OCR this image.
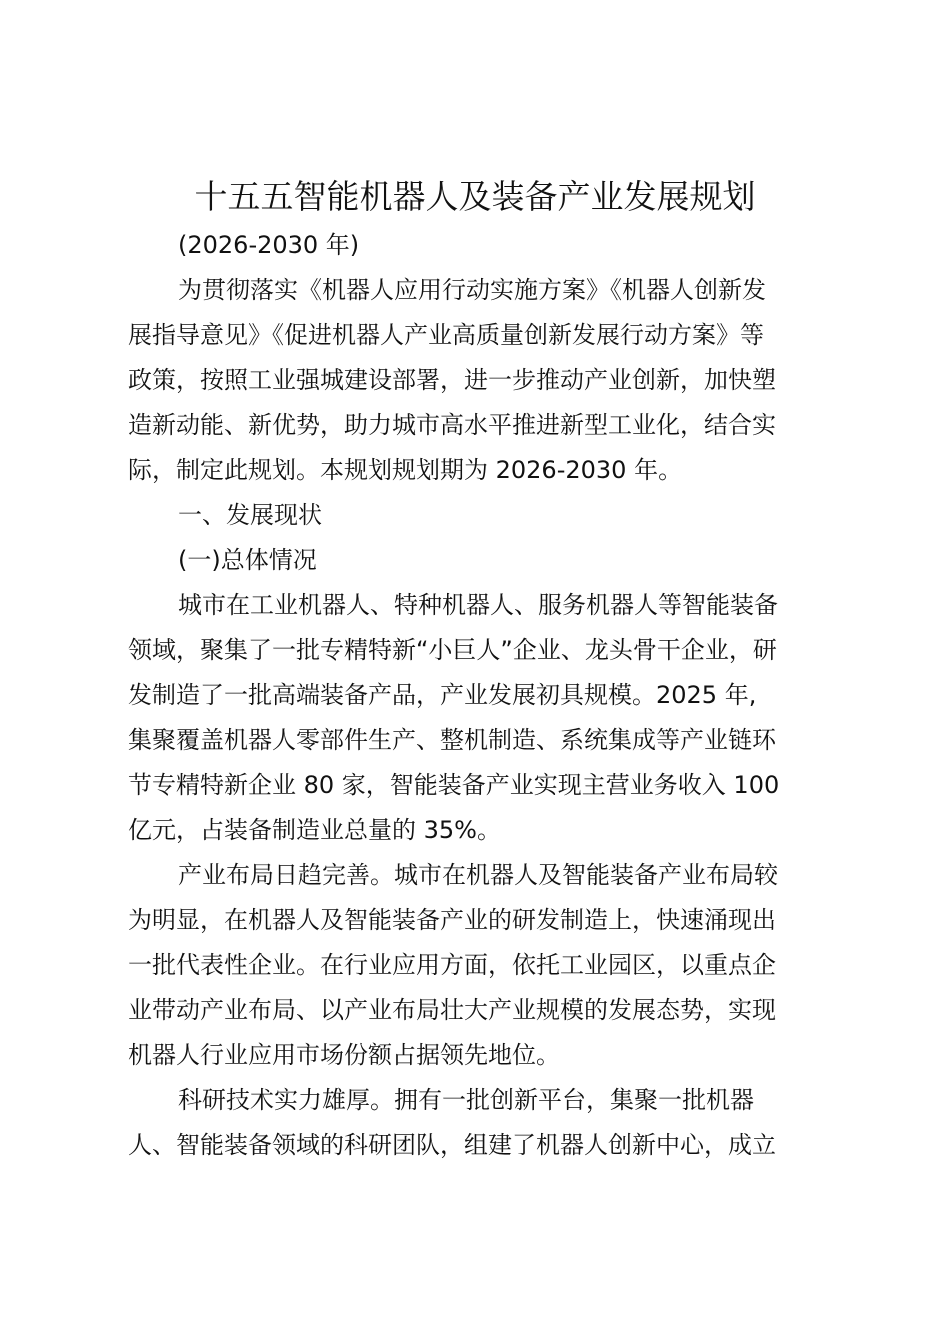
十五五智能机器人及装备产业发展规划

(2026-2030 年)

为贯彻落实《机器人应用行动实施方案》《机器人创新发

展指导意见》《促进机器人产业高质量创新发展行动方案》等

政策，按照工业强城建设部署，进一步推动产业创新，加快塑

造新动能、新优势，助力城市高水平推进新型工业化，结合实

际，制定此规划。本规划规划期为 2026-2030 年。

一、发展现状

(一)总体情况

城市在工业机器人、特种机器人、服务机器人等智能装备

领域，聚集了一批专精特新“小巨人”企业、龙头骨干企业，研

发制造了一批高端装备产品，产业发展初具规模。2025 年,

集聚覆盖机器人零部件生产、整机制造、系统集成等产业链环

节专精特新企业 80 家，智能装备产业实现主营业务收入 100

亿元，占装备制造业总量的 35%。

产业布局日趋完善。城市在机器人及智能装备产业布局较

为明显，在机器人及智能装备产业的研发制造上，快速涌现出

一批代表性企业。在行业应用方面，依托工业园区，以重点企

业带动产业布局、以产业布局壮大产业规模的发展态势，实现

机器人行业应用市场份额占据领先地位。

科研技术实力雄厚。拥有一批创新平台，集聚一批机器

人、智能装备领域的科研团队，组建了机器人创新中心，成立
